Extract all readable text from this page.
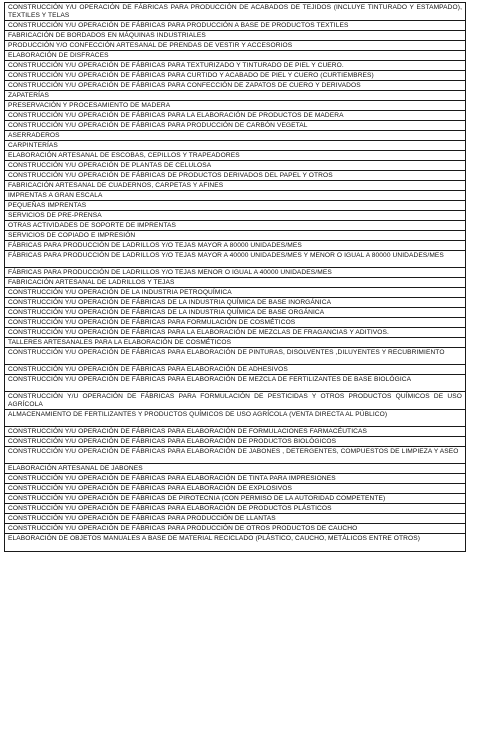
CONSTRUCCIÓN Y/U OPERACIÓN DE FÁBRICAS PARA PRODUCCIÓN DE ACABADOS DE TEJIDOS (INCLUYE TINTURADO Y ESTAMPADO), TEXTILES Y TELAS
CONSTRUCCIÓN Y/U OPERACIÓN DE FÁBRICAS PARA PRODUCCIÓN A BASE DE PRODUCTOS TEXTILES
FABRICACIÓN DE BORDADOS EN MÁQUINAS INDUSTRIALES
PRODUCCIÓN Y/O CONFECCIÓN ARTESANAL DE PRENDAS DE VESTIR Y ACCESORIOS
ELABORACIÓN DE DISFRACES
CONSTRUCCIÓN Y/U OPERACIÓN DE FÁBRICAS PARA TEXTURIZADO Y TINTURADO DE PIEL Y CUERO.
CONSTRUCCIÓN Y/U OPERACIÓN DE FÁBRICAS PARA CURTIDO Y ACABADO DE PIEL Y CUERO (CURTIEMBRES)
CONSTRUCCIÓN Y/U OPERACIÓN DE FÁBRICAS PARA CONFECCIÓN DE ZAPATOS DE CUERO Y DERIVADOS
ZAPATERÍAS
PRESERVACIÓN Y PROCESAMIENTO DE MADERA
CONSTRUCCIÓN Y/U OPERACIÓN DE FÁBRICAS PARA LA ELABORACIÓN DE PRODUCTOS DE MADERA
CONSTRUCCIÓN Y/U OPERACIÓN DE FÁBRICAS PARA PRODUCCIÓN DE CARBÓN VEGETAL
ASERRADEROS
CARPINTERÍAS
ELABORACIÓN ARTESANAL DE ESCOBAS, CEPILLOS Y TRAPEADORES
CONSTRUCCIÓN Y/U OPERACIÓN DE PLANTAS DE CELULOSA
CONSTRUCCIÓN Y/U OPERACIÓN DE FÁBRICAS DE PRODUCTOS DERIVADOS DEL PAPEL Y OTROS
FABRICACIÓN ARTESANAL DE CUADERNOS, CARPETAS Y AFINES
IMPRENTAS A GRAN ESCALA
PEQUEÑAS IMPRENTAS
SERVICIOS DE PRE-PRENSA
OTRAS ACTIVIDADES DE SOPORTE DE IMPRENTAS
SERVICIOS DE COPIADO E IMPRESIÓN
FÁBRICAS PARA PRODUCCIÓN DE LADRILLOS Y/O TEJAS MAYOR A 80000 UNIDADES/MES
FÁBRICAS PARA PRODUCCIÓN DE LADRILLOS Y/O TEJAS MAYOR A 40000 UNIDADES/MES Y MENOR O IGUAL A 80000 UNIDADES/MES
FÁBRICAS PARA PRODUCCIÓN DE LADRILLOS Y/O TEJAS MENOR O IGUAL A 40000 UNIDADES/MES
FABRICACIÓN ARTESANAL DE LADRILLOS Y TEJAS
CONSTRUCCIÓN Y/U OPERACIÓN DE LA INDUSTRIA PETROQUÍMICA
CONSTRUCCIÓN Y/U OPERACIÓN DE FÁBRICAS DE LA INDUSTRIA QUÍMICA DE BASE INORGÁNICA
CONSTRUCCIÓN Y/U OPERACIÓN DE FÁBRICAS DE LA INDUSTRIA QUÍMICA DE BASE ORGÁNICA
CONSTRUCCIÓN Y/U OPERACIÓN DE FÁBRICAS PARA FORMULACIÓN DE COSMÉTICOS
CONSTRUCCIÓN Y/U OPERACIÓN DE FÁBRICAS PARA LA ELABORACIÓN DE MEZCLAS DE FRAGANCIAS Y ADITIVOS.
TALLERES ARTESANALES PARA LA ELABORACIÓN DE COSMÉTICOS
CONSTRUCCIÓN Y/U OPERACIÓN DE FÁBRICAS PARA ELABORACIÓN DE PINTURAS, DISOLVENTES ,DILUYENTES Y RECUBRIMIENTO
CONSTRUCCIÓN Y/U OPERACIÓN DE FÁBRICAS PARA ELABORACIÓN DE ADHESIVOS
CONSTRUCCIÓN Y/U OPERACIÓN DE FÁBRICAS PARA ELABORACIÓN DE MEZCLA DE FERTILIZANTES DE BASE BIOLÓGICA
CONSTRUCCIÓN Y/U OPERACIÓN DE FÁBRICAS PARA FORMULACIÓN DE PESTICIDAS Y OTROS PRODUCTOS QUÍMICOS DE USO AGRÍCOLA
ALMACENAMIENTO DE FERTILIZANTES Y PRODUCTOS QUÍMICOS DE USO AGRÍCOLA (VENTA DIRECTA AL PÚBLICO)
CONSTRUCCIÓN Y/U OPERACIÓN DE FÁBRICAS PARA ELABORACIÓN DE FORMULACIONES FARMACÉUTICAS
CONSTRUCCIÓN Y/U OPERACIÓN DE FÁBRICAS PARA ELABORACIÓN DE PRODUCTOS BIOLÓGICOS
CONSTRUCCIÓN Y/U OPERACIÓN DE FÁBRICAS PARA ELABORACIÓN DE JABONES , DETERGENTES, COMPUESTOS DE LIMPIEZA Y ASEO
ELABORACIÓN ARTESANAL DE JABONES
CONSTRUCCIÓN Y/U OPERACIÓN DE FÁBRICAS PARA ELABORACIÓN DE TINTA PARA IMPRESIONES
CONSTRUCCIÓN Y/U OPERACIÓN DE FÁBRICAS PARA ELABORACIÓN DE EXPLOSIVOS
CONSTRUCCIÓN Y/U OPERACIÓN DE FÁBRICAS DE PIROTECNIA (CON PERMISO DE LA AUTORIDAD COMPETENTE)
CONSTRUCCIÓN Y/U OPERACIÓN DE FÁBRICAS PARA ELABORACIÓN DE PRODUCTOS PLÁSTICOS
CONSTRUCCIÓN Y/U OPERACIÓN DE FÁBRICAS PARA PRODUCCIÓN DE LLANTAS
CONSTRUCCIÓN Y/U OPERACIÓN DE FÁBRICAS PARA PRODUCCIÓN DE OTROS PRODUCTOS DE CAUCHO
ELABORACIÓN DE OBJETOS MANUALES A BASE DE MATERIAL RECICLADO (PLÁSTICO, CAUCHO, METÁLICOS ENTRE OTROS)
